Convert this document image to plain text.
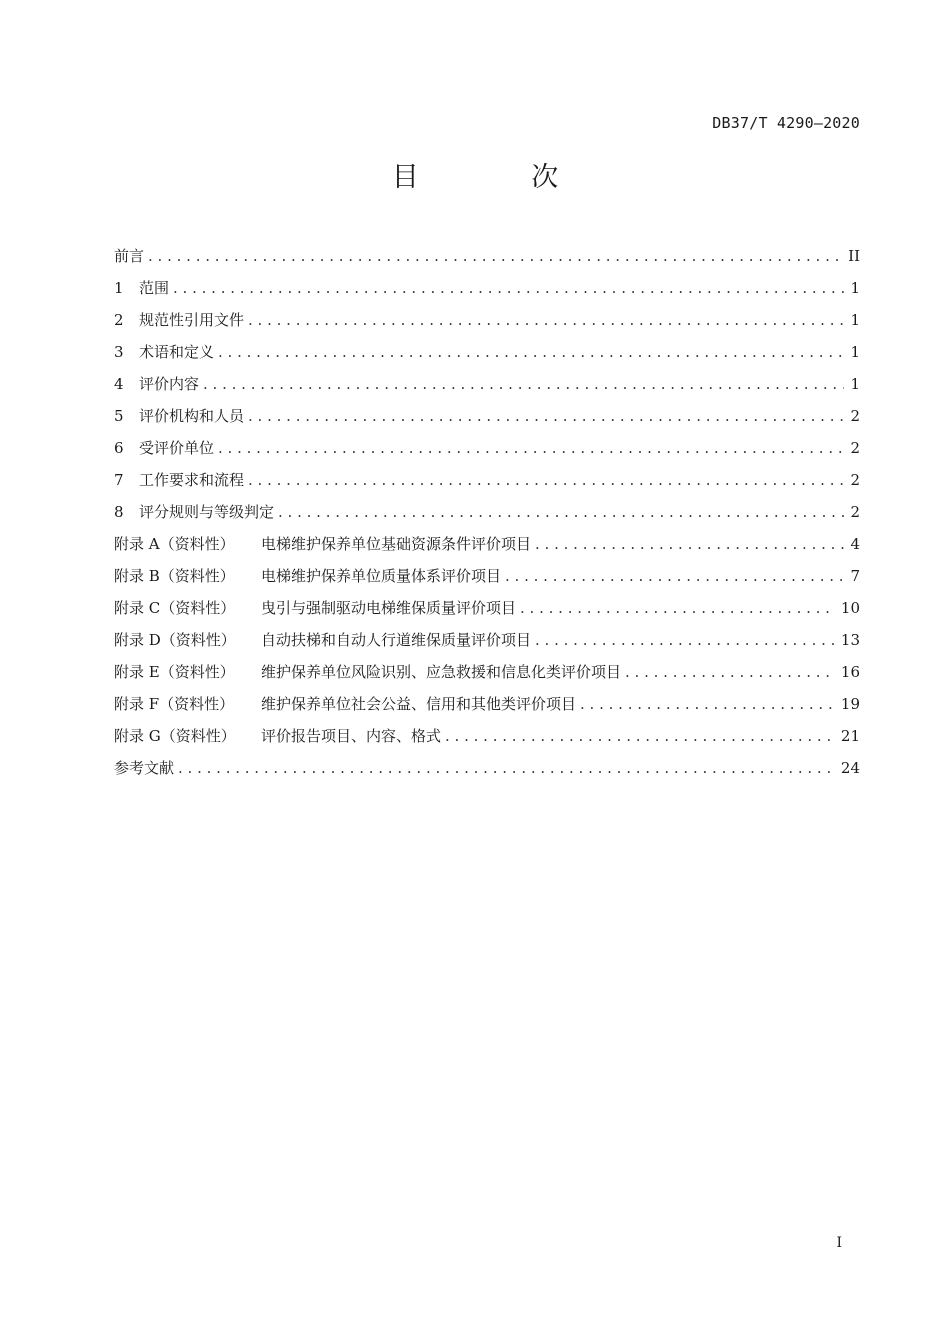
DB37/T 4290—2020
目 次
前言 . . .	II
1	范围 . . .	1
2	规范性引用文件 . . .	1
3	术语和定义 . . .	1
4	评价内容 . . .	1
5	评价机构和人员 . . .	2
6	受评价单位 . . .	2
7	工作要求和流程 . . .	2
8	评分规则与等级判定 . . .	2
附录 A（资料性）	电梯维护保养单位基础资源条件评价项目 . . .	4
附录 B（资料性）	电梯维护保养单位质量体系评价项目 . . .	7
附录 C（资料性）	曳引与强制驱动电梯维保质量评价项目 . . .	10
附录 D（资料性）	自动扶梯和自动人行道维保质量评价项目 . . .	13
附录 E（资料性）	维护保养单位风险识别、应急救援和信息化类评价项目 . . .	16
附录 F（资料性）	维护保养单位社会公益、信用和其他类评价项目 . . .	19
附录 G（资料性）	评价报告项目、内容、格式 . . .	21
参考文献 . . .	24
I
